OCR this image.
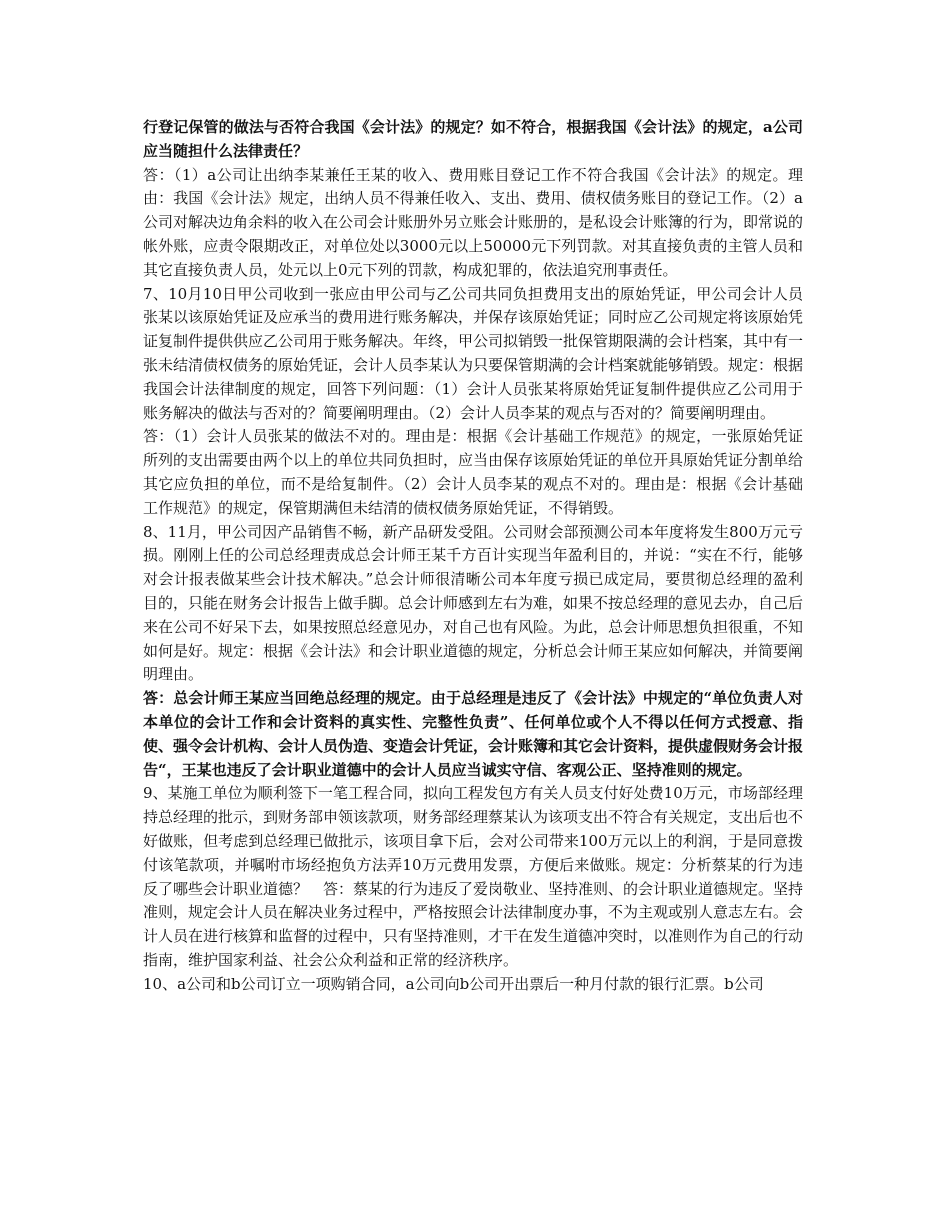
行登记保管的做法与否符合我国《会计法》的规定？如不符合，根据我国《会计法》的规定，a公司应当随担什么法律责任？

答：（1）a公司让出纳李某兼任王某的收入、费用账目登记工作不符合我国《会计法》的规定。理由：我国《会计法》规定，出纳人员不得兼任收入、支出、费用、债权债务账目的登记工作。（2）a公司对解决边角余料的收入在公司会计账册外另立账会计账册的，是私设会计账簿的行为，即常说的帐外账，应责令限期改正，对单位处以3000元以上50000元下列罚款。对其直接负责的主管人员和其它直接负责人员，处元以上0元下列的罚款，构成犯罪的，依法追究刑事责任。

7、10月10日甲公司收到一张应由甲公司与乙公司共同负担费用支出的原始凭证，甲公司会计人员张某以该原始凭证及应承当的费用进行账务解决，并保存该原始凭证；同时应乙公司规定将该原始凭证复制件提供供应乙公司用于账务解决。年终，甲公司拟销毁一批保管期限满的会计档案，其中有一张未结清债权债务的原始凭证，会计人员李某认为只要保管期满的会计档案就能够销毁。规定：根据我国会计法律制度的规定，回答下列问题：（1）会计人员张某将原始凭证复制件提供应乙公司用于账务解决的做法与否对的？简要阐明理由。（2）会计人员李某的观点与否对的？简要阐明理由。

答：（1）会计人员张某的做法不对的。理由是：根据《会计基础工作规范》的规定，一张原始凭证所列的支出需要由两个以上的单位共同负担时，应当由保存该原始凭证的单位开具原始凭证分割单给其它应负担的单位，而不是给复制件。（2）会计人员李某的观点不对的。理由是：根据《会计基础工作规范》的规定，保管期满但未结清的债权债务原始凭证，不得销毁。

8、11月，甲公司因产品销售不畅，新产品研发受阻。公司财会部预测公司本年度将发生800万元亏损。刚刚上任的公司总经理责成总会计师王某千方百计实现当年盈利目的，并说：“实在不行，能够对会计报表做某些会计技术解决。”总会计师很清晰公司本年度亏损已成定局，要贯彻总经理的盈利目的，只能在财务会计报告上做手脚。总会计师感到左右为难，如果不按总经理的意见去办，自己后来在公司不好呆下去，如果按照总经意见办，对自己也有风险。为此，总会计师思想负担很重，不知如何是好。规定：根据《会计法》和会计职业道德的规定，分析总会计师王某应如何解决，并简要阐明理由。

答：总会计师王某应当回绝总经理的规定。由于总经理是违反了《会计法》中规定的“单位负责人对本单位的会计工作和会计资料的真实性、完整性负责”、任何单位或个人不得以任何方式授意、指使、强令会计机构、会计人员伪造、变造会计凭证，会计账簿和其它会计资料，提供虚假财务会计报告“，王某也违反了会计职业道德中的会计人员应当诚实守信、客观公正、坚持准则的规定。

9、某施工单位为顺利签下一笔工程合同，拟向工程发包方有关人员支付好处费10万元，市场部经理持总经理的批示，到财务部申领该款项，财务部经理蔡某认为该项支出不符合有关规定，支出后也不好做账，但考虑到总经理已做批示，该项目拿下后，会对公司带来100万元以上的利润，于是同意拨付该笔款项，并嘱咐市场经抱负方法弄10万元费用发票，方便后来做账。规定：分析蔡某的行为违反了哪些会计职业道德？　答：蔡某的行为违反了爱岗敬业、坚持准则、的会计职业道德规定。坚持准则，规定会计人员在解决业务过程中，严格按照会计法律制度办事，不为主观或别人意志左右。会计人员在进行核算和监督的过程中，只有坚持准则，才干在发生道德冲突时，以准则作为自己的行动指南，维护国家利益、社会公众利益和正常的经济秩序。

10、a公司和b公司订立一项购销合同，a公司向b公司开出票后一种月付款的银行汇票。b公司
